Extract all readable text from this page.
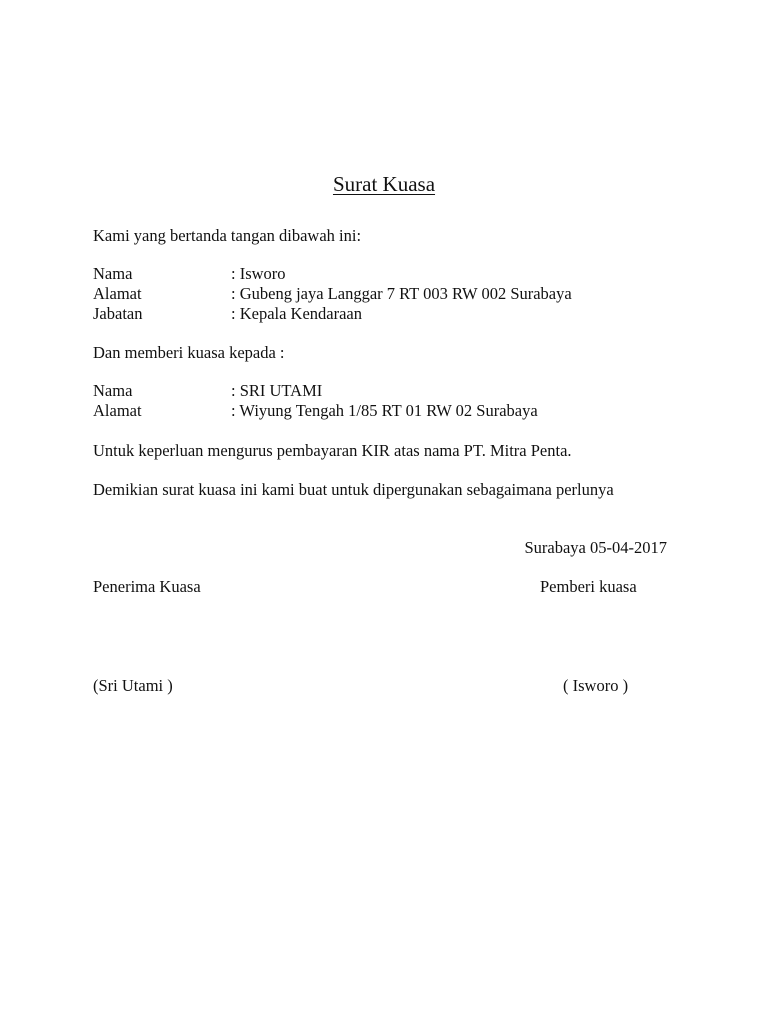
Surat Kuasa
Kami yang bertanda tangan dibawah ini:
Nama	: Isworo
Alamat	: Gubeng jaya Langgar 7 RT 003 RW 002 Surabaya
Jabatan	: Kepala Kendaraan
Dan memberi kuasa kepada :
Nama	: SRI UTAMI
Alamat	: Wiyung Tengah 1/85 RT 01 RW 02 Surabaya
Untuk keperluan mengurus pembayaran KIR atas nama PT. Mitra Penta.
Demikian surat kuasa ini kami buat untuk dipergunakan sebagaimana perlunya
Surabaya 05-04-2017
Penerima Kuasa	Pemberi kuasa
(Sri Utami )	( Isworo )
